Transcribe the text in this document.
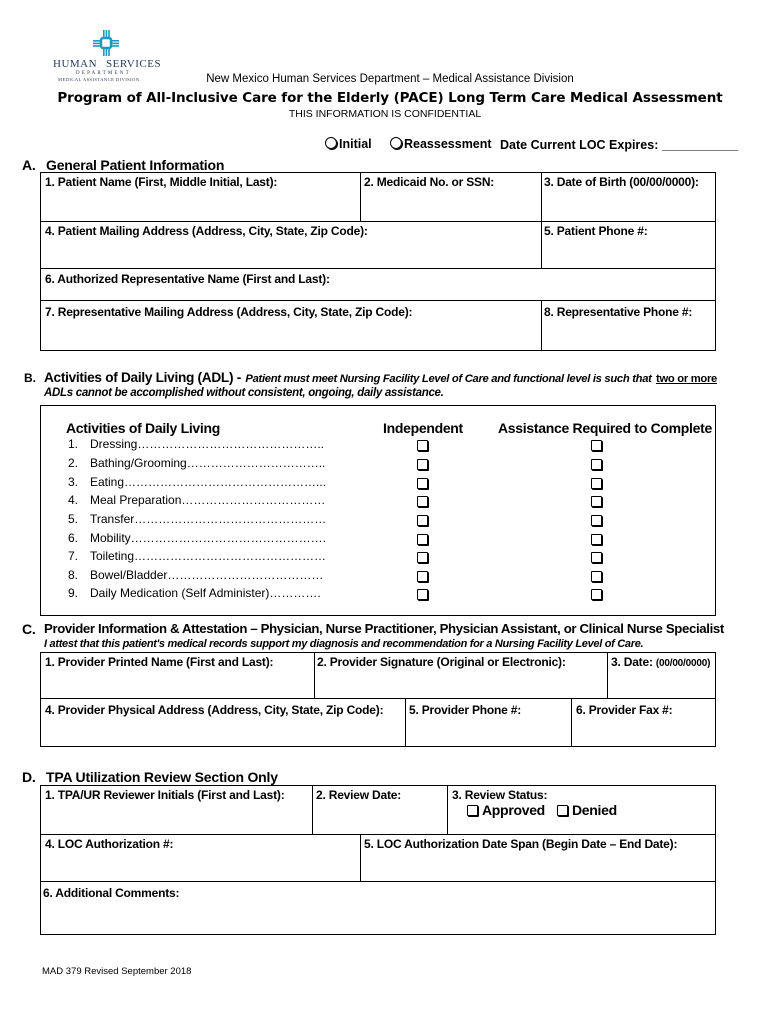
HUMAN SERVICES
DEPARTMENT
MEDICAL ASSISTANCE DIVISION	New Mexico Human Services Department – Medical Assistance Division
Program of All-Inclusive Care for the Elderly (PACE) Long Term Care Medical Assessment
THIS INFORMATION IS CONFIDENTIAL
Initial	Reassessment Date Current LOC Expires: ___________
A. General Patient Information
1. Patient Name (First, Middle Initial, Last):	2. Medicaid No. or SSN:	3. Date of Birth (00/00/0000):
4. Patient Mailing Address (Address, City, State, Zip Code):	5. Patient Phone #:
6. Authorized Representative Name (First and Last):
7. Representative Mailing Address (Address, City, State, Zip Code):	8. Representative Phone #:
B. Activities of Daily Living (ADL) - Patient must meet Nursing Facility Level of Care and functional level is such that two or more
ADLs cannot be accomplished without consistent, ongoing, daily assistance.
Activities of Daily Living	Independent	Assistance Required to Complete
1. Dressing………………………………………..
2. Bathing/Grooming……………………………..
3. Eating…………………………………………...
4. Meal Preparation………………………………
5. Transfer…………………………………………
6. Mobility………………………………………….
7. Toileting…………………………………………
8. Bowel/Bladder…………………………………
9. Daily Medication (Self Administer)………….
C. Provider Information & Attestation – Physician, Nurse Practitioner, Physician Assistant, or Clinical Nurse Specialist
I attest that this patient's medical records support my diagnosis and recommendation for a Nursing Facility Level of Care.
1. Provider Printed Name (First and Last):	2. Provider Signature (Original or Electronic):	3. Date: (00/00/0000)
4. Provider Physical Address (Address, City, State, Zip Code): 5. Provider Phone #:	6. Provider Fax #:
D. TPA Utilization Review Section Only
1. TPA/UR Reviewer Initials (First and Last):	2. Review Date:	3. Review Status:
Approved Denied
4. LOC Authorization #:	5. LOC Authorization Date Span (Begin Date – End Date):
6. Additional Comments:
MAD 379 Revised September 2018
